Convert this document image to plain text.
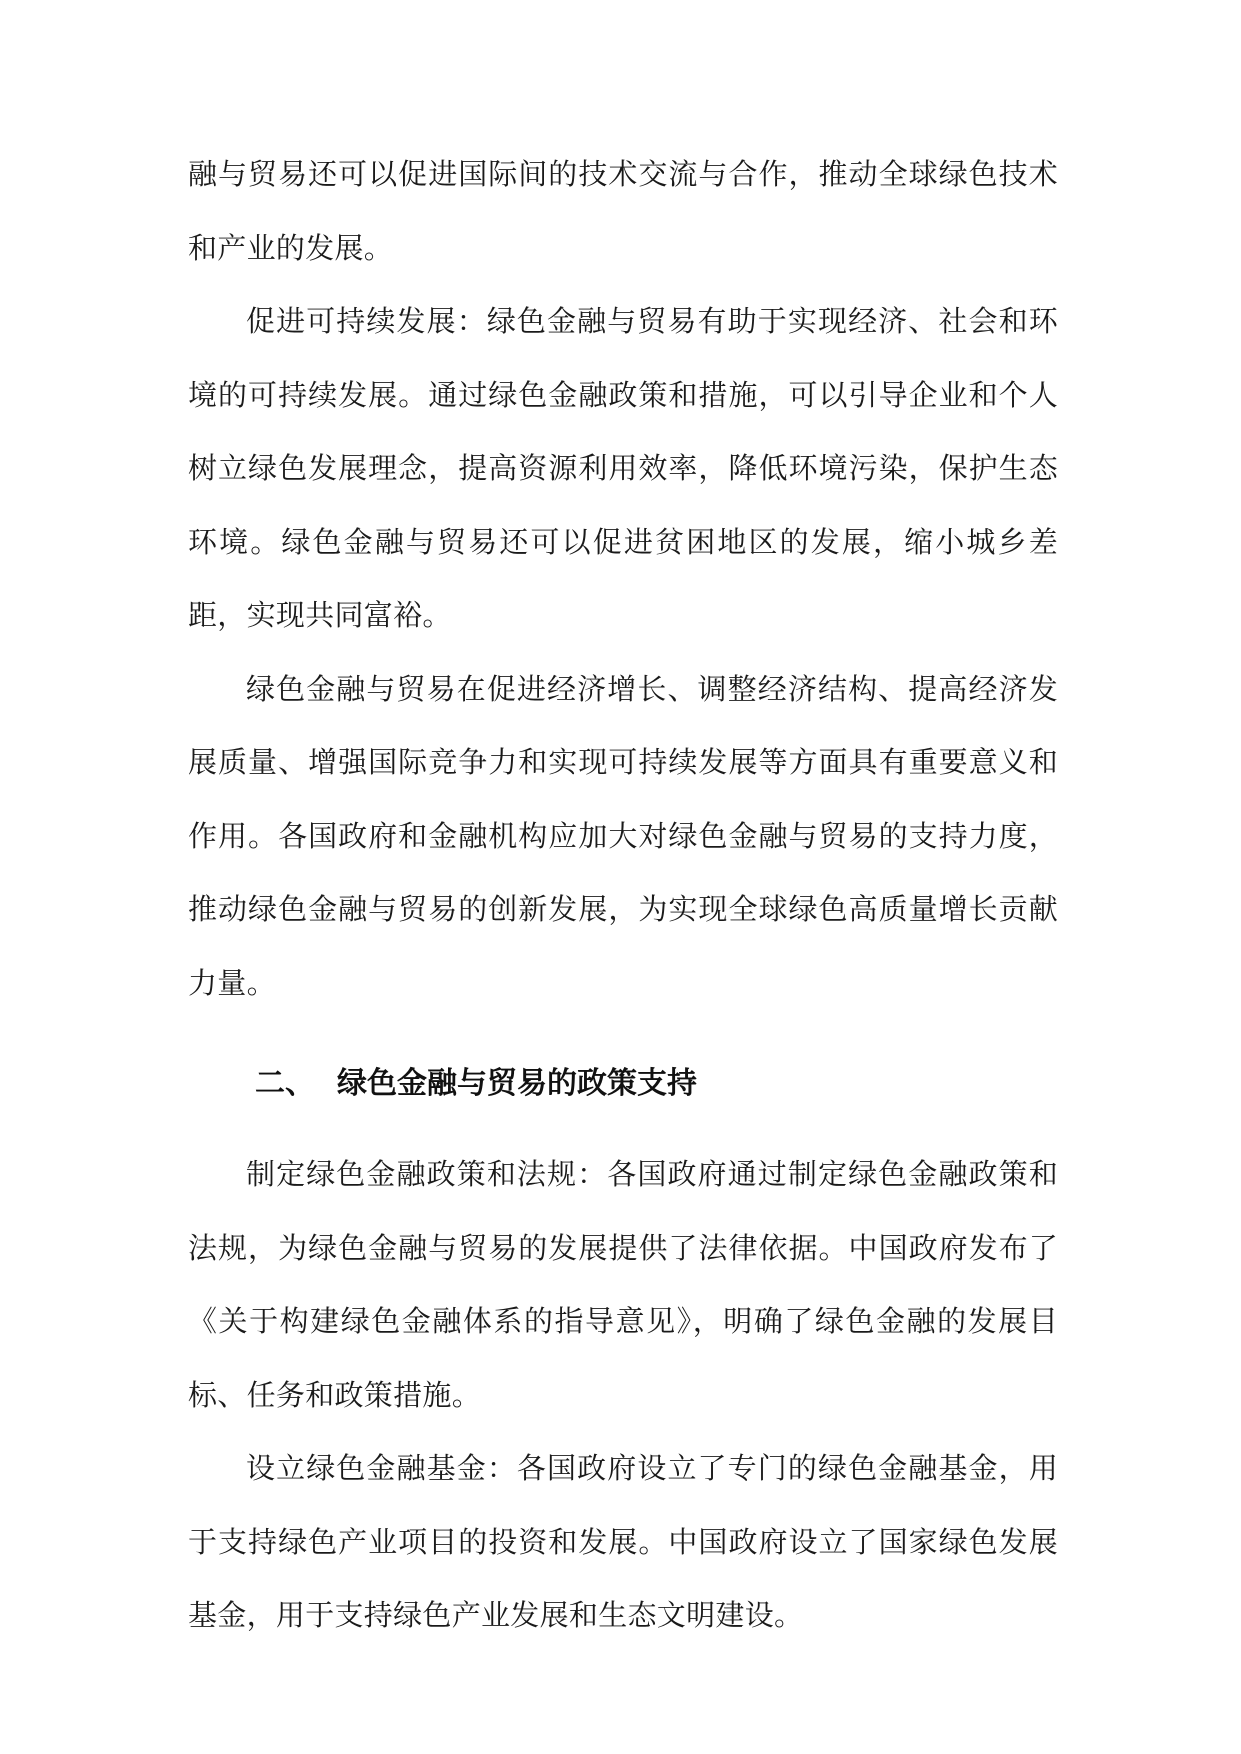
融与贸易还可以促进国际间的技术交流与合作，推动全球绿色技术和产业的发展。

促进可持续发展：绿色金融与贸易有助于实现经济、社会和环境的可持续发展。通过绿色金融政策和措施，可以引导企业和个人树立绿色发展理念，提高资源利用效率，降低环境污染，保护生态环境。绿色金融与贸易还可以促进贫困地区的发展，缩小城乡差距，实现共同富裕。

绿色金融与贸易在促进经济增长、调整经济结构、提高经济发展质量、增强国际竞争力和实现可持续发展等方面具有重要意义和作用。各国政府和金融机构应加大对绿色金融与贸易的支持力度，推动绿色金融与贸易的创新发展，为实现全球绿色高质量增长贡献力量。

二、 绿色金融与贸易的政策支持

制定绿色金融政策和法规：各国政府通过制定绿色金融政策和法规，为绿色金融与贸易的发展提供了法律依据。中国政府发布了《关于构建绿色金融体系的指导意见》，明确了绿色金融的发展目标、任务和政策措施。

设立绿色金融基金：各国政府设立了专门的绿色金融基金，用于支持绿色产业项目的投资和发展。中国政府设立了国家绿色发展基金，用于支持绿色产业发展和生态文明建设。
